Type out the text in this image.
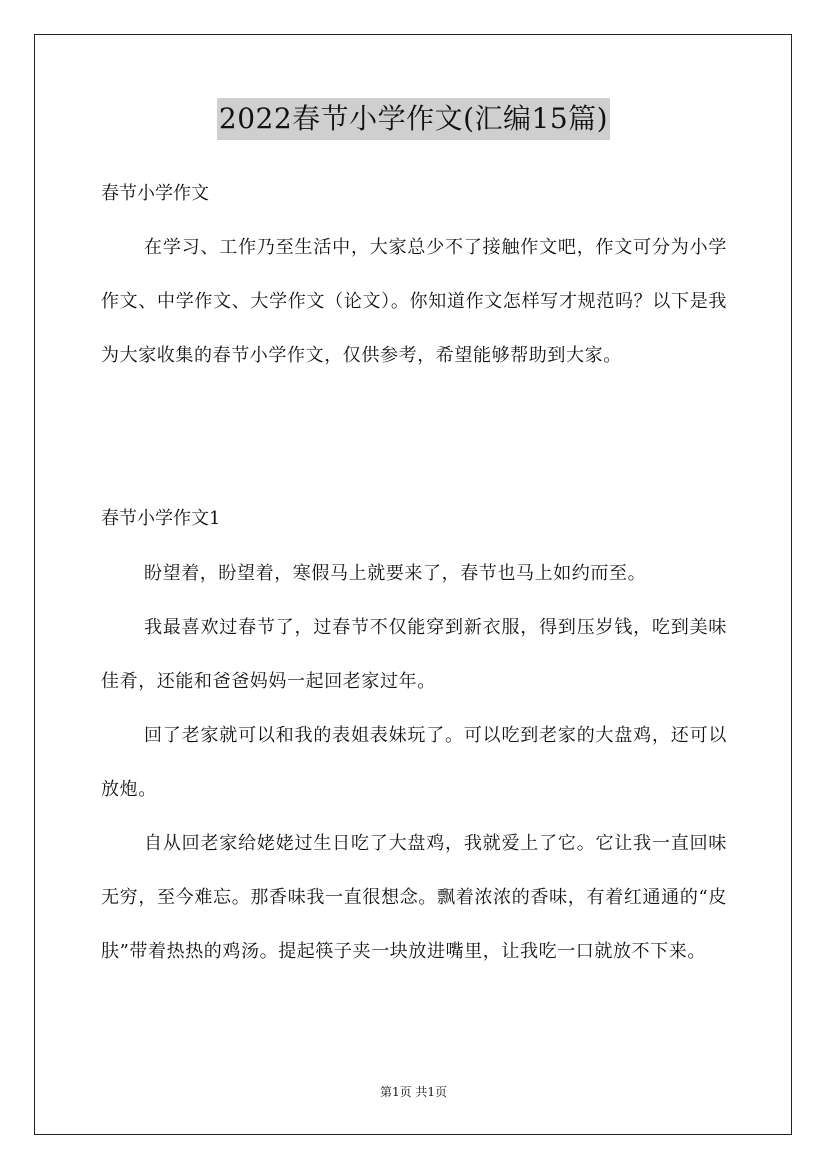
2022春节小学作文(汇编15篇)
春节小学作文

在学习、工作乃至生活中，大家总少不了接触作文吧，作文可分为小学作文、中学作文、大学作文（论文）。你知道作文怎样写才规范吗？以下是我为大家收集的春节小学作文，仅供参考，希望能够帮助到大家。

春节小学作文1

盼望着，盼望着，寒假马上就要来了，春节也马上如约而至。

我最喜欢过春节了，过春节不仅能穿到新衣服，得到压岁钱，吃到美味佳肴，还能和爸爸妈妈一起回老家过年。

回了老家就可以和我的表姐表妹玩了。可以吃到老家的大盘鸡，还可以放炮。

自从回老家给姥姥过生日吃了大盘鸡，我就爱上了它。它让我一直回味无穷，至今难忘。那香味我一直很想念。飘着浓浓的香味，有着红通通的“皮肤”带着热热的鸡汤。提起筷子夹一块放进嘴里，让我吃一口就放不下来。

第1页 共1页
